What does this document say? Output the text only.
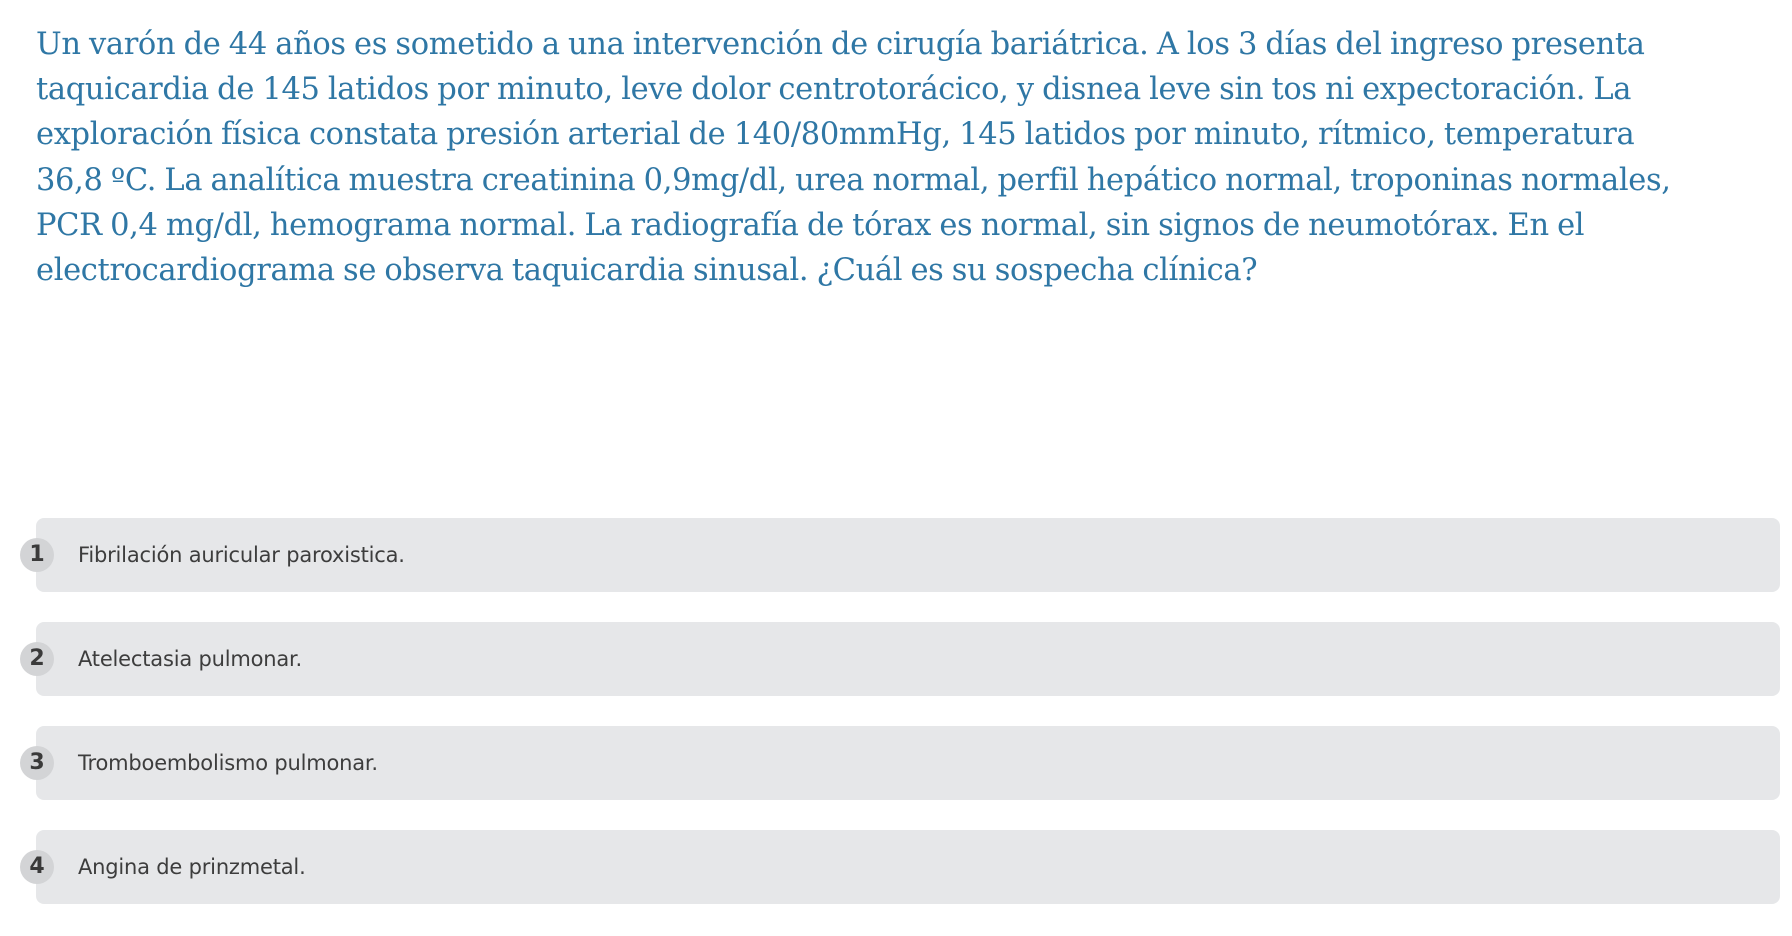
Un varón de 44 años es sometido a una intervención de cirugía bariátrica. A los 3 días del ingreso presenta
taquicardia de 145 latidos por minuto, leve dolor centrotorácico, y disnea leve sin tos ni expectoración. La
exploración física constata presión arterial de 140/80mmHg, 145 latidos por minuto, rítmico, temperatura
36,8 ºC. La analítica muestra creatinina 0,9mg/dl, urea normal, perfil hepático normal, troponinas normales,
PCR 0,4 mg/dl, hemograma normal. La radiografía de tórax es normal, sin signos de neumotórax. En el
electrocardiograma se observa taquicardia sinusal. ¿Cuál es su sospecha clínica?
1	Fibrilación auricular paroxistica.
2	Atelectasia pulmonar.
3	Tromboembolismo pulmonar.
4	Angina de prinzmetal.
